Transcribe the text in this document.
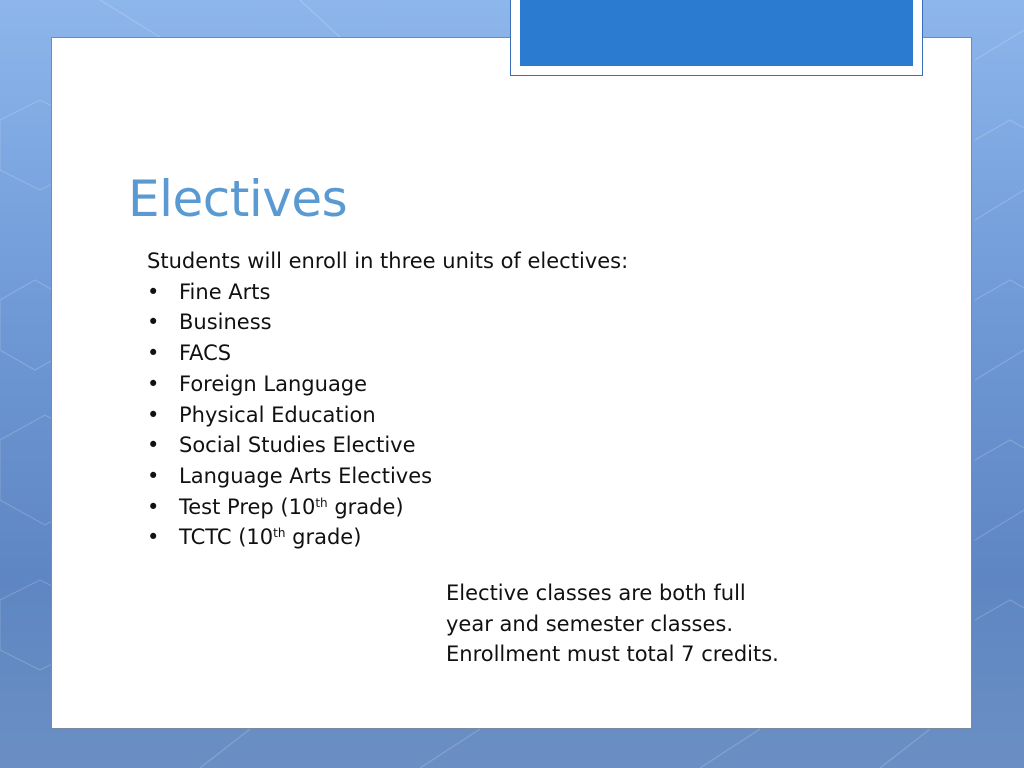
Electives

Students will enroll in three units of electives:

• Fine Arts
• Business
• FACS
• Foreign Language
• Physical Education
• Social Studies Elective
• Language Arts Electives
• Test Prep (10th grade)
• TCTC (10th grade)

Elective classes are both full

year and semester classes.

Enrollment must total 7 credits.
